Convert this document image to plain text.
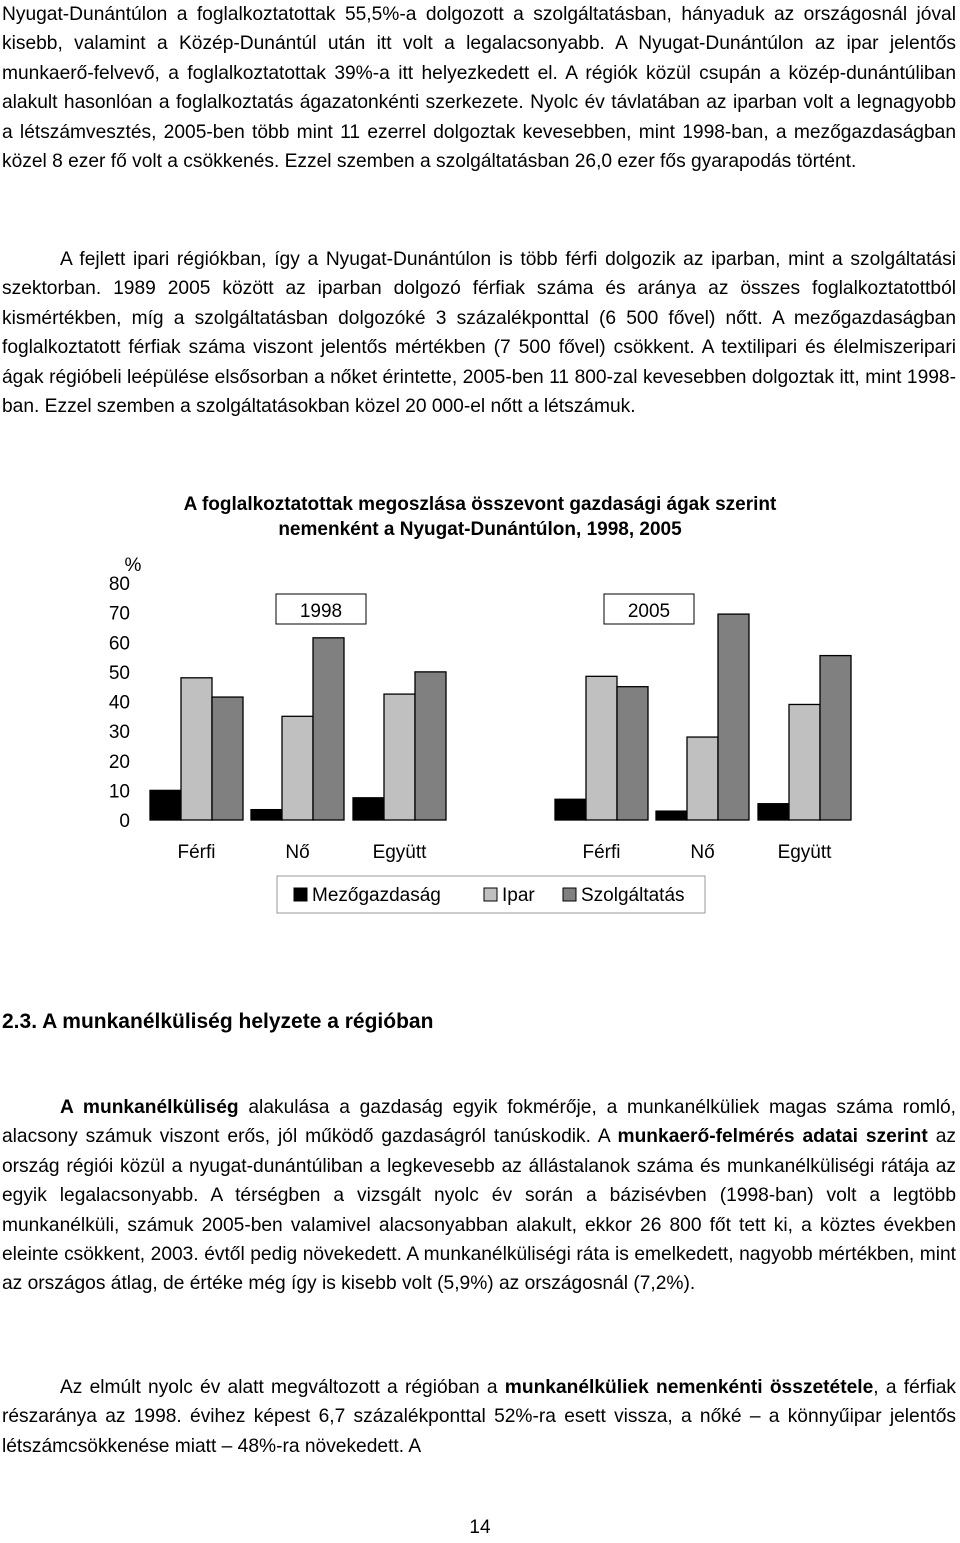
Nyugat-Dunántúlon a foglalkoztatottak 55,5%-a dolgozott a szolgáltatásban, hányaduk az országosnál jóval kisebb, valamint a Közép-Dunántúl után itt volt a legalacsonyabb. A Nyugat-Dunántúlon az ipar jelentős munkaerő-felvevő, a foglalkoztatottak 39%-a itt helyezkedett el. A régiók közül csupán a közép-dunántúliban alakult hasonlóan a foglalkoztatás ágazatonkénti szerkezete. Nyolc év távlatában az iparban volt a legnagyobb a létszámvesztés, 2005-ben több mint 11 ezerrel dolgoztak kevesebben, mint 1998-ban, a mezőgazdaságban közel 8 ezer fő volt a csökkenés. Ezzel szemben a szolgáltatásban 26,0 ezer fős gyarapodás történt.

A fejlett ipari régiókban, így a Nyugat-Dunántúlon is több férfi dolgozik az iparban, mint a szolgáltatási szektorban. 1989 2005 között az iparban dolgozó férfiak száma és aránya az összes foglalkoztatottból kismértékben, míg a szolgáltatásban dolgozóké 3 százalékponttal (6 500 fővel) nőtt. A mezőgazdaságban foglalkoztatott férfiak száma viszont jelentős mértékben (7 500 fővel) csökkent. A textilipari és élelmiszeripari ágak régióbeli leépülése elsősorban a nőket érintette, 2005-ben 11 800-zal kevesebben dolgoztak itt, mint 1998-ban. Ezzel szemben a szolgáltatásokban közel 20 000-el nőtt a létszámuk.

A foglalkoztatottak megoszlása összevont gazdasági ágak szerint nemenként a Nyugat-Dunántúlon, 1998, 2005
%
80
70
60
50
40
30
20
10
0
Férfi	Nő	Együtt
1998
Férfi	Nő	Együtt
2005
Mezőgazdaság	Ipar Szolgáltatás
2.3. A munkanélküliség helyzete a régióban

A munkanélküliség alakulása a gazdaság egyik fokmérője, a munkanélküliek magas száma romló, alacsony számuk viszont erős, jól működő gazdaságról tanúskodik. A munkaerő-felmérés adatai szerint az ország régiói közül a nyugat-dunántúliban a legkevesebb az állástalanok száma és munkanélküliségi rátája az egyik legalacsonyabb. A térségben a vizsgált nyolc év során a bázisévben (1998-ban) volt a legtöbb munkanélküli, számuk 2005-ben valamivel alacsonyabban alakult, ekkor 26 800 főt tett ki, a köztes években eleinte csökkent, 2003. évtől pedig növekedett. A munkanélküliségi ráta is emelkedett, nagyobb mértékben, mint az országos átlag, de értéke még így is kisebb volt (5,9%) az országosnál (7,2%).

Az elmúlt nyolc év alatt megváltozott a régióban a munkanélküliek nemenkénti összetétele, a férfiak részaránya az 1998. évihez képest 6,7 százalékponttal 52%-ra esett vissza, a nőké – a könnyűipar jelentős létszámcsökkenése miatt – 48%-ra növekedett. A

14
